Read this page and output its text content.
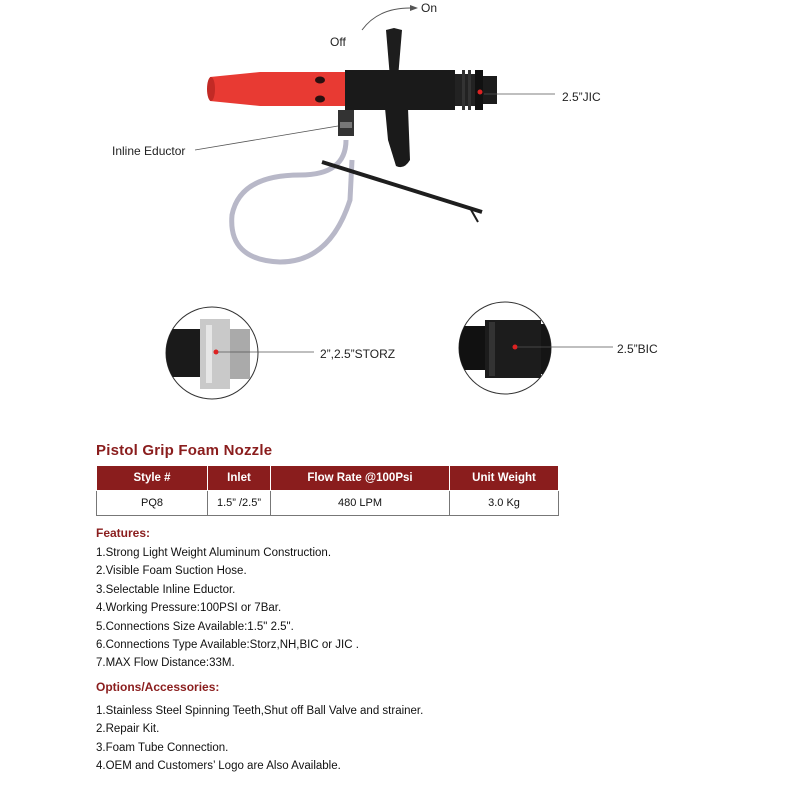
On
Off
2.5”JIC
Inline Eductor
2”,2.5”STORZ	2.5”BIC
Pistol Grip Foam Nozzle
Style #	Inlet	Flow Rate @100Psi	Unit Weight
PQ8	1.5” /2.5”	480 LPM	3.0 Kg
Features:
1.Strong Light Weight Aluminum Construction.
2.Visible Foam Suction Hose.
3.Selectable Inline Eductor.
4.Working Pressure:100PSI or 7Bar.
5.Connections Size Available:1.5" 2.5".
6.Connections Type Available:Storz,NH,BIC or JIC .
7.MAX Flow Distance:33M.
Options/Accessories:
1.Stainless Steel Spinning Teeth,Shut off Ball Valve and strainer.
2.Repair Kit.
3.Foam Tube Connection.
4.OEM and Customers’ Logo are Also Available.
